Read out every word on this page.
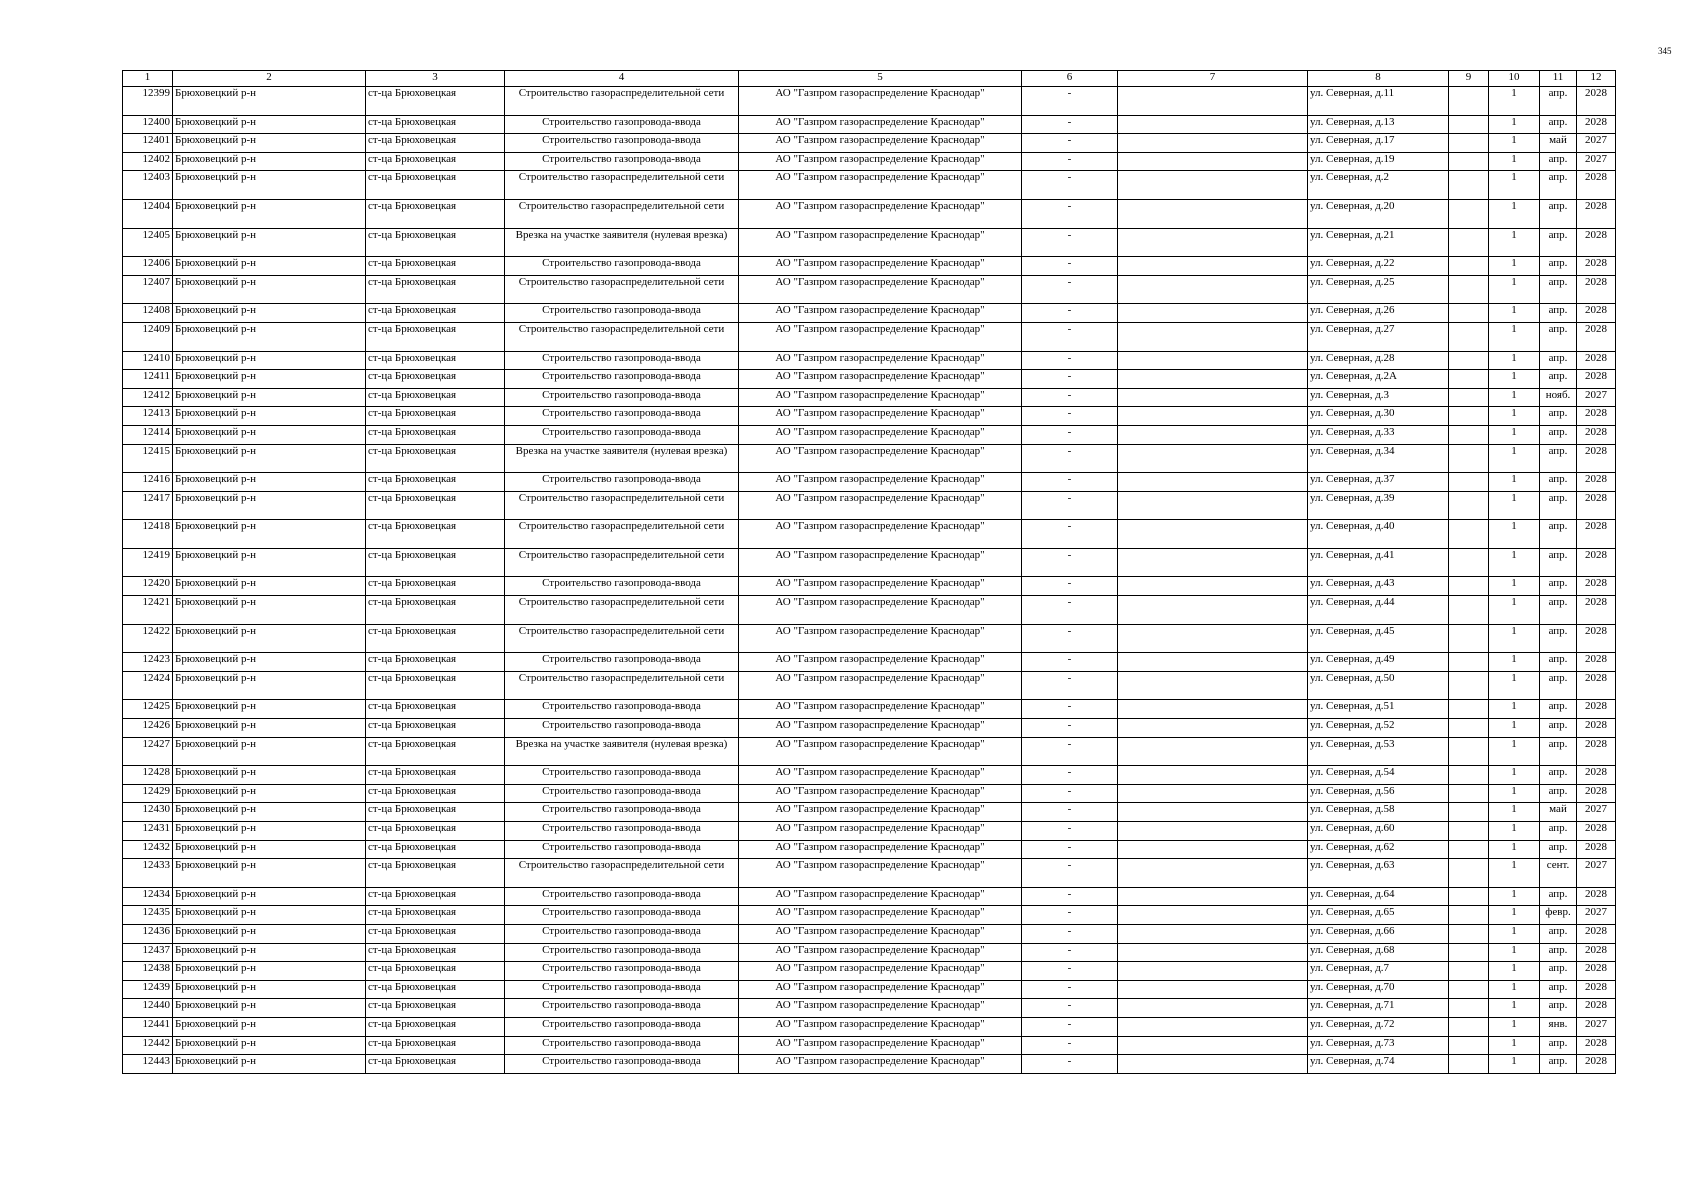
345
1	2	3	4	5	6	7	8	9	10	11	12
12399	Брюховецкий р-н	ст-ца Брюховецкая	Строительство газораспределительной сети	АО "Газпром газораспределение Краснодар"	-		ул. Северная, д.11		1	апр.	2028
12400	Брюховецкий р-н	ст-ца Брюховецкая	Строительство газопровода-ввода	АО "Газпром газораспределение Краснодар"	-		ул. Северная, д.13		1	апр.	2028
12401	Брюховецкий р-н	ст-ца Брюховецкая	Строительство газопровода-ввода	АО "Газпром газораспределение Краснодар"	-		ул. Северная, д.17		1	май	2027
12402	Брюховецкий р-н	ст-ца Брюховецкая	Строительство газопровода-ввода	АО "Газпром газораспределение Краснодар"	-		ул. Северная, д.19		1	апр.	2027
12403	Брюховецкий р-н	ст-ца Брюховецкая	Строительство газораспределительной сети	АО "Газпром газораспределение Краснодар"	-		ул. Северная, д.2		1	апр.	2028
12404	Брюховецкий р-н	ст-ца Брюховецкая	Строительство газораспределительной сети	АО "Газпром газораспределение Краснодар"	-		ул. Северная, д.20		1	апр.	2028
12405	Брюховецкий р-н	ст-ца Брюховецкая	Врезка на участке заявителя (нулевая врезка)	АО "Газпром газораспределение Краснодар"	-		ул. Северная, д.21		1	апр.	2028
12406	Брюховецкий р-н	ст-ца Брюховецкая	Строительство газопровода-ввода	АО "Газпром газораспределение Краснодар"	-		ул. Северная, д.22		1	апр.	2028
12407	Брюховецкий р-н	ст-ца Брюховецкая	Строительство газораспределительной сети	АО "Газпром газораспределение Краснодар"	-		ул. Северная, д.25		1	апр.	2028
12408	Брюховецкий р-н	ст-ца Брюховецкая	Строительство газопровода-ввода	АО "Газпром газораспределение Краснодар"	-		ул. Северная, д.26		1	апр.	2028
12409	Брюховецкий р-н	ст-ца Брюховецкая	Строительство газораспределительной сети	АО "Газпром газораспределение Краснодар"	-		ул. Северная, д.27		1	апр.	2028
12410	Брюховецкий р-н	ст-ца Брюховецкая	Строительство газопровода-ввода	АО "Газпром газораспределение Краснодар"	-		ул. Северная, д.28		1	апр.	2028
12411	Брюховецкий р-н	ст-ца Брюховецкая	Строительство газопровода-ввода	АО "Газпром газораспределение Краснодар"	-		ул. Северная, д.2А		1	апр.	2028
12412	Брюховецкий р-н	ст-ца Брюховецкая	Строительство газопровода-ввода	АО "Газпром газораспределение Краснодар"	-		ул. Северная, д.3		1	нояб.	2027
12413	Брюховецкий р-н	ст-ца Брюховецкая	Строительство газопровода-ввода	АО "Газпром газораспределение Краснодар"	-		ул. Северная, д.30		1	апр.	2028
12414	Брюховецкий р-н	ст-ца Брюховецкая	Строительство газопровода-ввода	АО "Газпром газораспределение Краснодар"	-		ул. Северная, д.33		1	апр.	2028
12415	Брюховецкий р-н	ст-ца Брюховецкая	Врезка на участке заявителя (нулевая врезка)	АО "Газпром газораспределение Краснодар"	-		ул. Северная, д.34		1	апр.	2028
12416	Брюховецкий р-н	ст-ца Брюховецкая	Строительство газопровода-ввода	АО "Газпром газораспределение Краснодар"	-		ул. Северная, д.37		1	апр.	2028
12417	Брюховецкий р-н	ст-ца Брюховецкая	Строительство газораспределительной сети	АО "Газпром газораспределение Краснодар"	-		ул. Северная, д.39		1	апр.	2028
12418	Брюховецкий р-н	ст-ца Брюховецкая	Строительство газораспределительной сети	АО "Газпром газораспределение Краснодар"	-		ул. Северная, д.40		1	апр.	2028
12419	Брюховецкий р-н	ст-ца Брюховецкая	Строительство газораспределительной сети	АО "Газпром газораспределение Краснодар"	-		ул. Северная, д.41		1	апр.	2028
12420	Брюховецкий р-н	ст-ца Брюховецкая	Строительство газопровода-ввода	АО "Газпром газораспределение Краснодар"	-		ул. Северная, д.43		1	апр.	2028
12421	Брюховецкий р-н	ст-ца Брюховецкая	Строительство газораспределительной сети	АО "Газпром газораспределение Краснодар"	-		ул. Северная, д.44		1	апр.	2028
12422	Брюховецкий р-н	ст-ца Брюховецкая	Строительство газораспределительной сети	АО "Газпром газораспределение Краснодар"	-		ул. Северная, д.45		1	апр.	2028
12423	Брюховецкий р-н	ст-ца Брюховецкая	Строительство газопровода-ввода	АО "Газпром газораспределение Краснодар"	-		ул. Северная, д.49		1	апр.	2028
12424	Брюховецкий р-н	ст-ца Брюховецкая	Строительство газораспределительной сети	АО "Газпром газораспределение Краснодар"	-		ул. Северная, д.50		1	апр.	2028
12425	Брюховецкий р-н	ст-ца Брюховецкая	Строительство газопровода-ввода	АО "Газпром газораспределение Краснодар"	-		ул. Северная, д.51		1	апр.	2028
12426	Брюховецкий р-н	ст-ца Брюховецкая	Строительство газопровода-ввода	АО "Газпром газораспределение Краснодар"	-		ул. Северная, д.52		1	апр.	2028
12427	Брюховецкий р-н	ст-ца Брюховецкая	Врезка на участке заявителя (нулевая врезка)	АО "Газпром газораспределение Краснодар"	-		ул. Северная, д.53		1	апр.	2028
12428	Брюховецкий р-н	ст-ца Брюховецкая	Строительство газопровода-ввода	АО "Газпром газораспределение Краснодар"	-		ул. Северная, д.54		1	апр.	2028
12429	Брюховецкий р-н	ст-ца Брюховецкая	Строительство газопровода-ввода	АО "Газпром газораспределение Краснодар"	-		ул. Северная, д.56		1	апр.	2028
12430	Брюховецкий р-н	ст-ца Брюховецкая	Строительство газопровода-ввода	АО "Газпром газораспределение Краснодар"	-		ул. Северная, д.58		1	май	2027
12431	Брюховецкий р-н	ст-ца Брюховецкая	Строительство газопровода-ввода	АО "Газпром газораспределение Краснодар"	-		ул. Северная, д.60		1	апр.	2028
12432	Брюховецкий р-н	ст-ца Брюховецкая	Строительство газопровода-ввода	АО "Газпром газораспределение Краснодар"	-		ул. Северная, д.62		1	апр.	2028
12433	Брюховецкий р-н	ст-ца Брюховецкая	Строительство газораспределительной сети	АО "Газпром газораспределение Краснодар"	-		ул. Северная, д.63		1	сент.	2027
12434	Брюховецкий р-н	ст-ца Брюховецкая	Строительство газопровода-ввода	АО "Газпром газораспределение Краснодар"	-		ул. Северная, д.64		1	апр.	2028
12435	Брюховецкий р-н	ст-ца Брюховецкая	Строительство газопровода-ввода	АО "Газпром газораспределение Краснодар"	-		ул. Северная, д.65		1	февр.	2027
12436	Брюховецкий р-н	ст-ца Брюховецкая	Строительство газопровода-ввода	АО "Газпром газораспределение Краснодар"	-		ул. Северная, д.66		1	апр.	2028
12437	Брюховецкий р-н	ст-ца Брюховецкая	Строительство газопровода-ввода	АО "Газпром газораспределение Краснодар"	-		ул. Северная, д.68		1	апр.	2028
12438	Брюховецкий р-н	ст-ца Брюховецкая	Строительство газопровода-ввода	АО "Газпром газораспределение Краснодар"	-		ул. Северная, д.7		1	апр.	2028
12439	Брюховецкий р-н	ст-ца Брюховецкая	Строительство газопровода-ввода	АО "Газпром газораспределение Краснодар"	-		ул. Северная, д.70		1	апр.	2028
12440	Брюховецкий р-н	ст-ца Брюховецкая	Строительство газопровода-ввода	АО "Газпром газораспределение Краснодар"	-		ул. Северная, д.71		1	апр.	2028
12441	Брюховецкий р-н	ст-ца Брюховецкая	Строительство газопровода-ввода	АО "Газпром газораспределение Краснодар"	-		ул. Северная, д.72		1	янв.	2027
12442	Брюховецкий р-н	ст-ца Брюховецкая	Строительство газопровода-ввода	АО "Газпром газораспределение Краснодар"	-		ул. Северная, д.73		1	апр.	2028
12443	Брюховецкий р-н	ст-ца Брюховецкая	Строительство газопровода-ввода	АО "Газпром газораспределение Краснодар"	-		ул. Северная, д.74		1	апр.	2028
